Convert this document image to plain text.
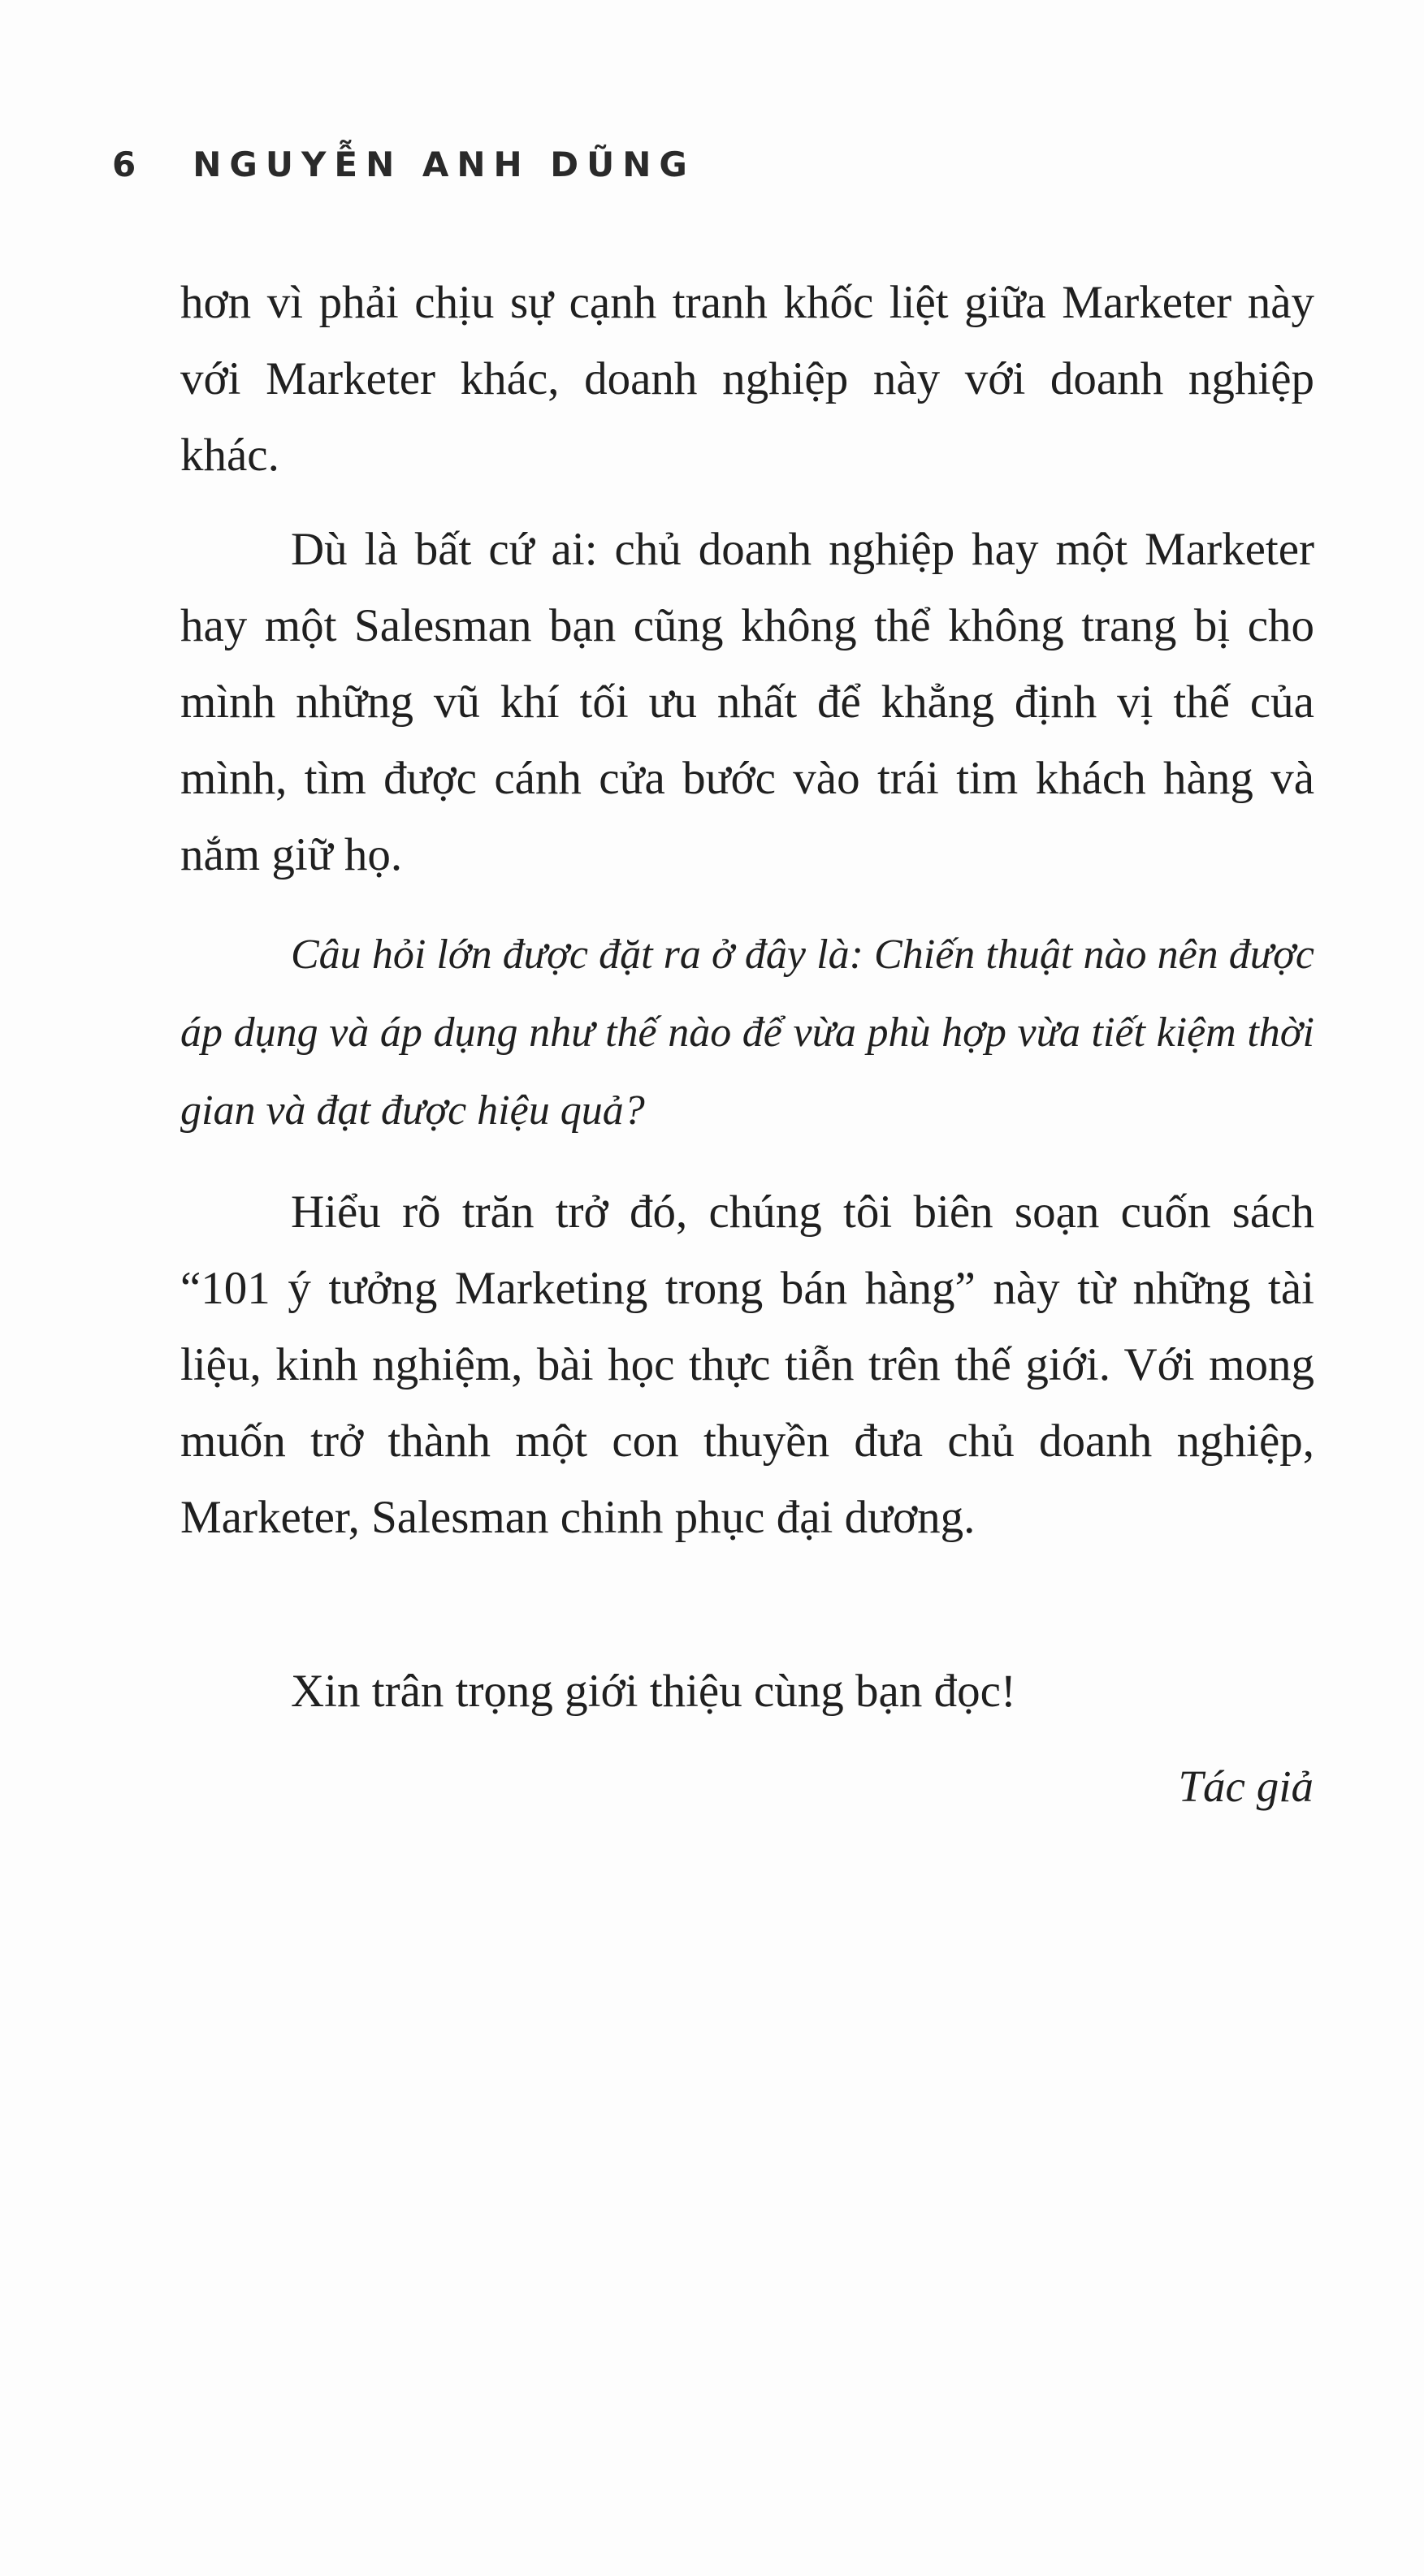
6 NGUYỄN ANH DŨNG

hơn vì phải chịu sự cạnh tranh khốc liệt giữa Marketer này với Marketer khác, doanh nghiệp này với doanh nghiệp khác.

Dù là bất cứ ai: chủ doanh nghiệp hay một Marketer hay một Salesman bạn cũng không thể không trang bị cho mình những vũ khí tối ưu nhất để khẳng định vị thế của mình, tìm được cánh cửa bước vào trái tim khách hàng và nắm giữ họ.

Câu hỏi lớn được đặt ra ở đây là: Chiến thuật nào nên được áp dụng và áp dụng như thế nào để vừa phù hợp vừa tiết kiệm thời gian và đạt được hiệu quả?

Hiểu rõ trăn trở đó, chúng tôi biên soạn cuốn sách “101 ý tưởng Marketing trong bán hàng” này từ những tài liệu, kinh nghiệm, bài học thực tiễn trên thế giới. Với mong muốn trở thành một con thuyền đưa chủ doanh nghiệp, Marketer, Salesman chinh phục đại dương.

Xin trân trọng giới thiệu cùng bạn đọc!

Tác giả
